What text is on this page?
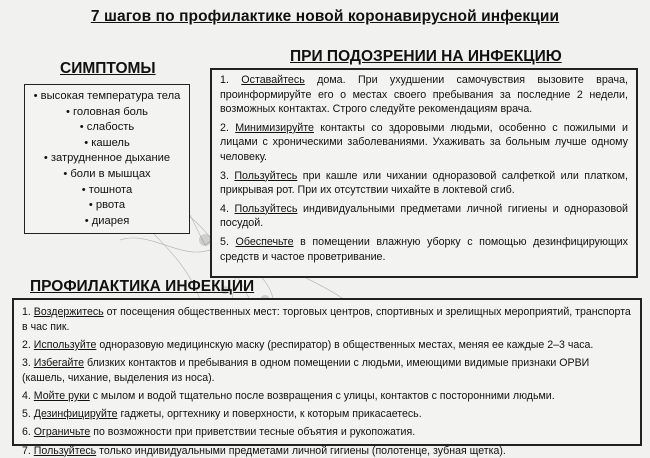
7 шагов по профилактике новой коронавирусной инфекции
СИМПТОМЫ
• высокая температура тела
• головная боль
• слабость
• кашель
• затрудненное дыхание
• боли в мышцах
• тошнота
• рвота
• диарея
ПРИ ПОДОЗРЕНИИ НА ИНФЕКЦИЮ

1. Оставайтесь дома. При ухудшении самочувствия вызовите врача, проинформируйте его о местах своего пребывания за последние 2 недели, возможных контактах. Строго следуйте рекомендациям врача.

2. Минимизируйте контакты со здоровыми людьми, особенно с пожилыми и лицами с хроническими заболеваниями. Ухаживать за больным лучше одному человеку.

3. Пользуйтесь при кашле или чихании одноразовой салфеткой или платком, прикрывая рот. При их отсутствии чихайте в локтевой сгиб.

4. Пользуйтесь индивидуальными предметами личной гигиены и одноразовой посудой.

5. Обеспечьте в помещении влажную уборку с помощью дезинфицирующих средств и частое проветривание.

ПРОФИЛАКТИКА ИНФЕКЦИИ

1. Воздержитесь от посещения общественных мест: торговых центров, спортивных и зрелищных мероприятий, транспорта в час пик.

2. Используйте одноразовую медицинскую маску (респиратор) в общественных местах, меняя ее каждые 2–3 часа.

3. Избегайте близких контактов и пребывания в одном помещении с людьми, имеющими видимые признаки ОРВИ (кашель, чихание, выделения из носа).

4. Мойте руки с мылом и водой тщательно после возвращения с улицы, контактов с посторонними людьми.

5. Дезинфицируйте гаджеты, оргтехнику и поверхности, к которым прикасаетесь.

6. Ограничьте по возможности при приветствии тесные объятия и рукопожатия.

7. Пользуйтесь только индивидуальными предметами личной гигиены (полотенце, зубная щетка).
